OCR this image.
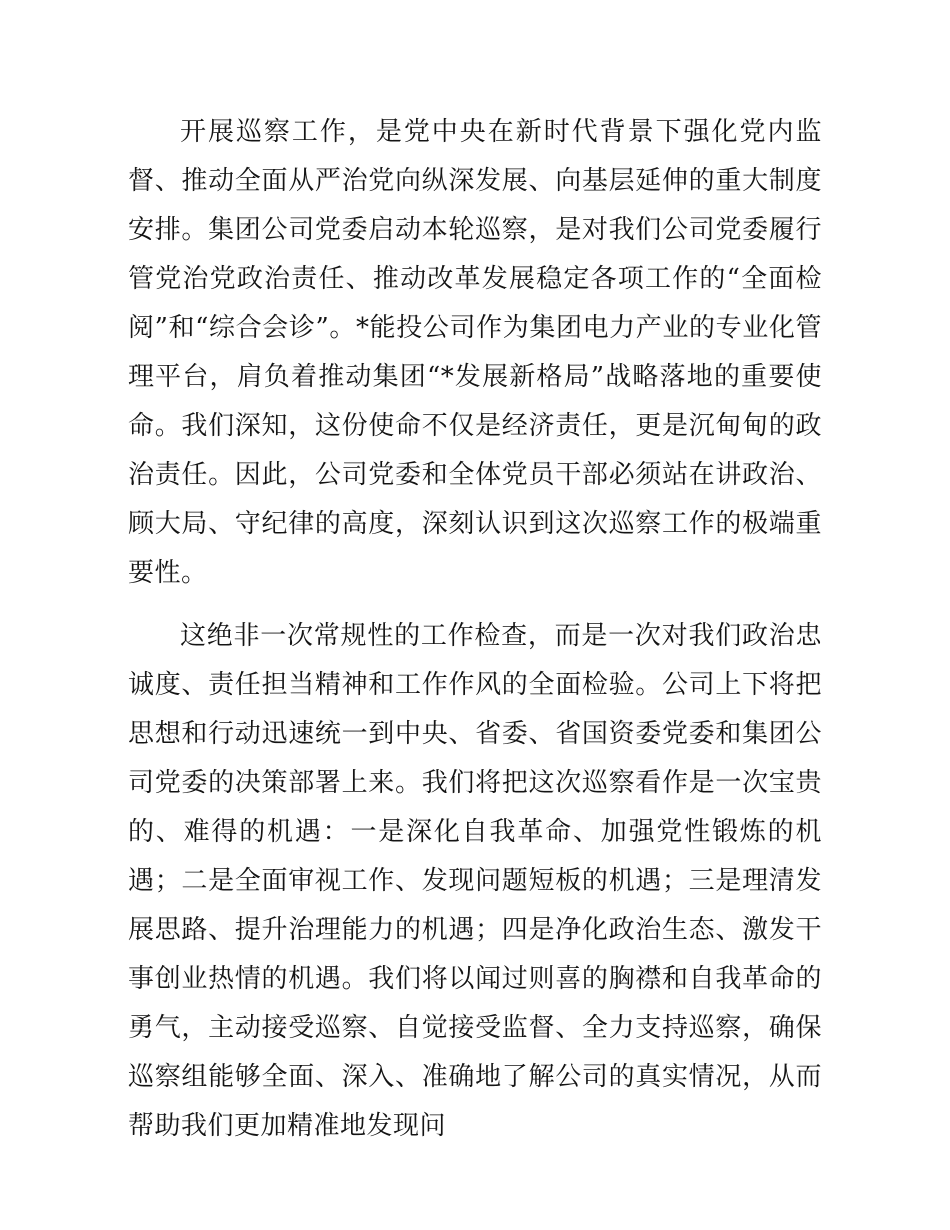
开展巡察工作，是党中央在新时代背景下强化党内监督、推动全面从严治党向纵深发展、向基层延伸的重大制度安排。集团公司党委启动本轮巡察，是对我们公司党委履行管党治党政治责任、推动改革发展稳定各项工作的“全面检阅”和“综合会诊”。*能投公司作为集团电力产业的专业化管理平台，肩负着推动集团“*发展新格局”战略落地的重要使命。我们深知，这份使命不仅是经济责任，更是沉甸甸的政治责任。因此，公司党委和全体党员干部必须站在讲政治、顾大局、守纪律的高度，深刻认识到这次巡察工作的极端重要性。

这绝非一次常规性的工作检查，而是一次对我们政治忠诚度、责任担当精神和工作作风的全面检验。公司上下将把思想和行动迅速统一到中央、省委、省国资委党委和集团公司党委的决策部署上来。我们将把这次巡察看作是一次宝贵的、难得的机遇：一是深化自我革命、加强党性锻炼的机遇；二是全面审视工作、发现问题短板的机遇；三是理清发展思路、提升治理能力的机遇；四是净化政治生态、激发干事创业热情的机遇。我们将以闻过则喜的胸襟和自我革命的勇气，主动接受巡察、自觉接受监督、全力支持巡察，确保巡察组能够全面、深入、准确地了解公司的真实情况，从而帮助我们更加精准地发现问
